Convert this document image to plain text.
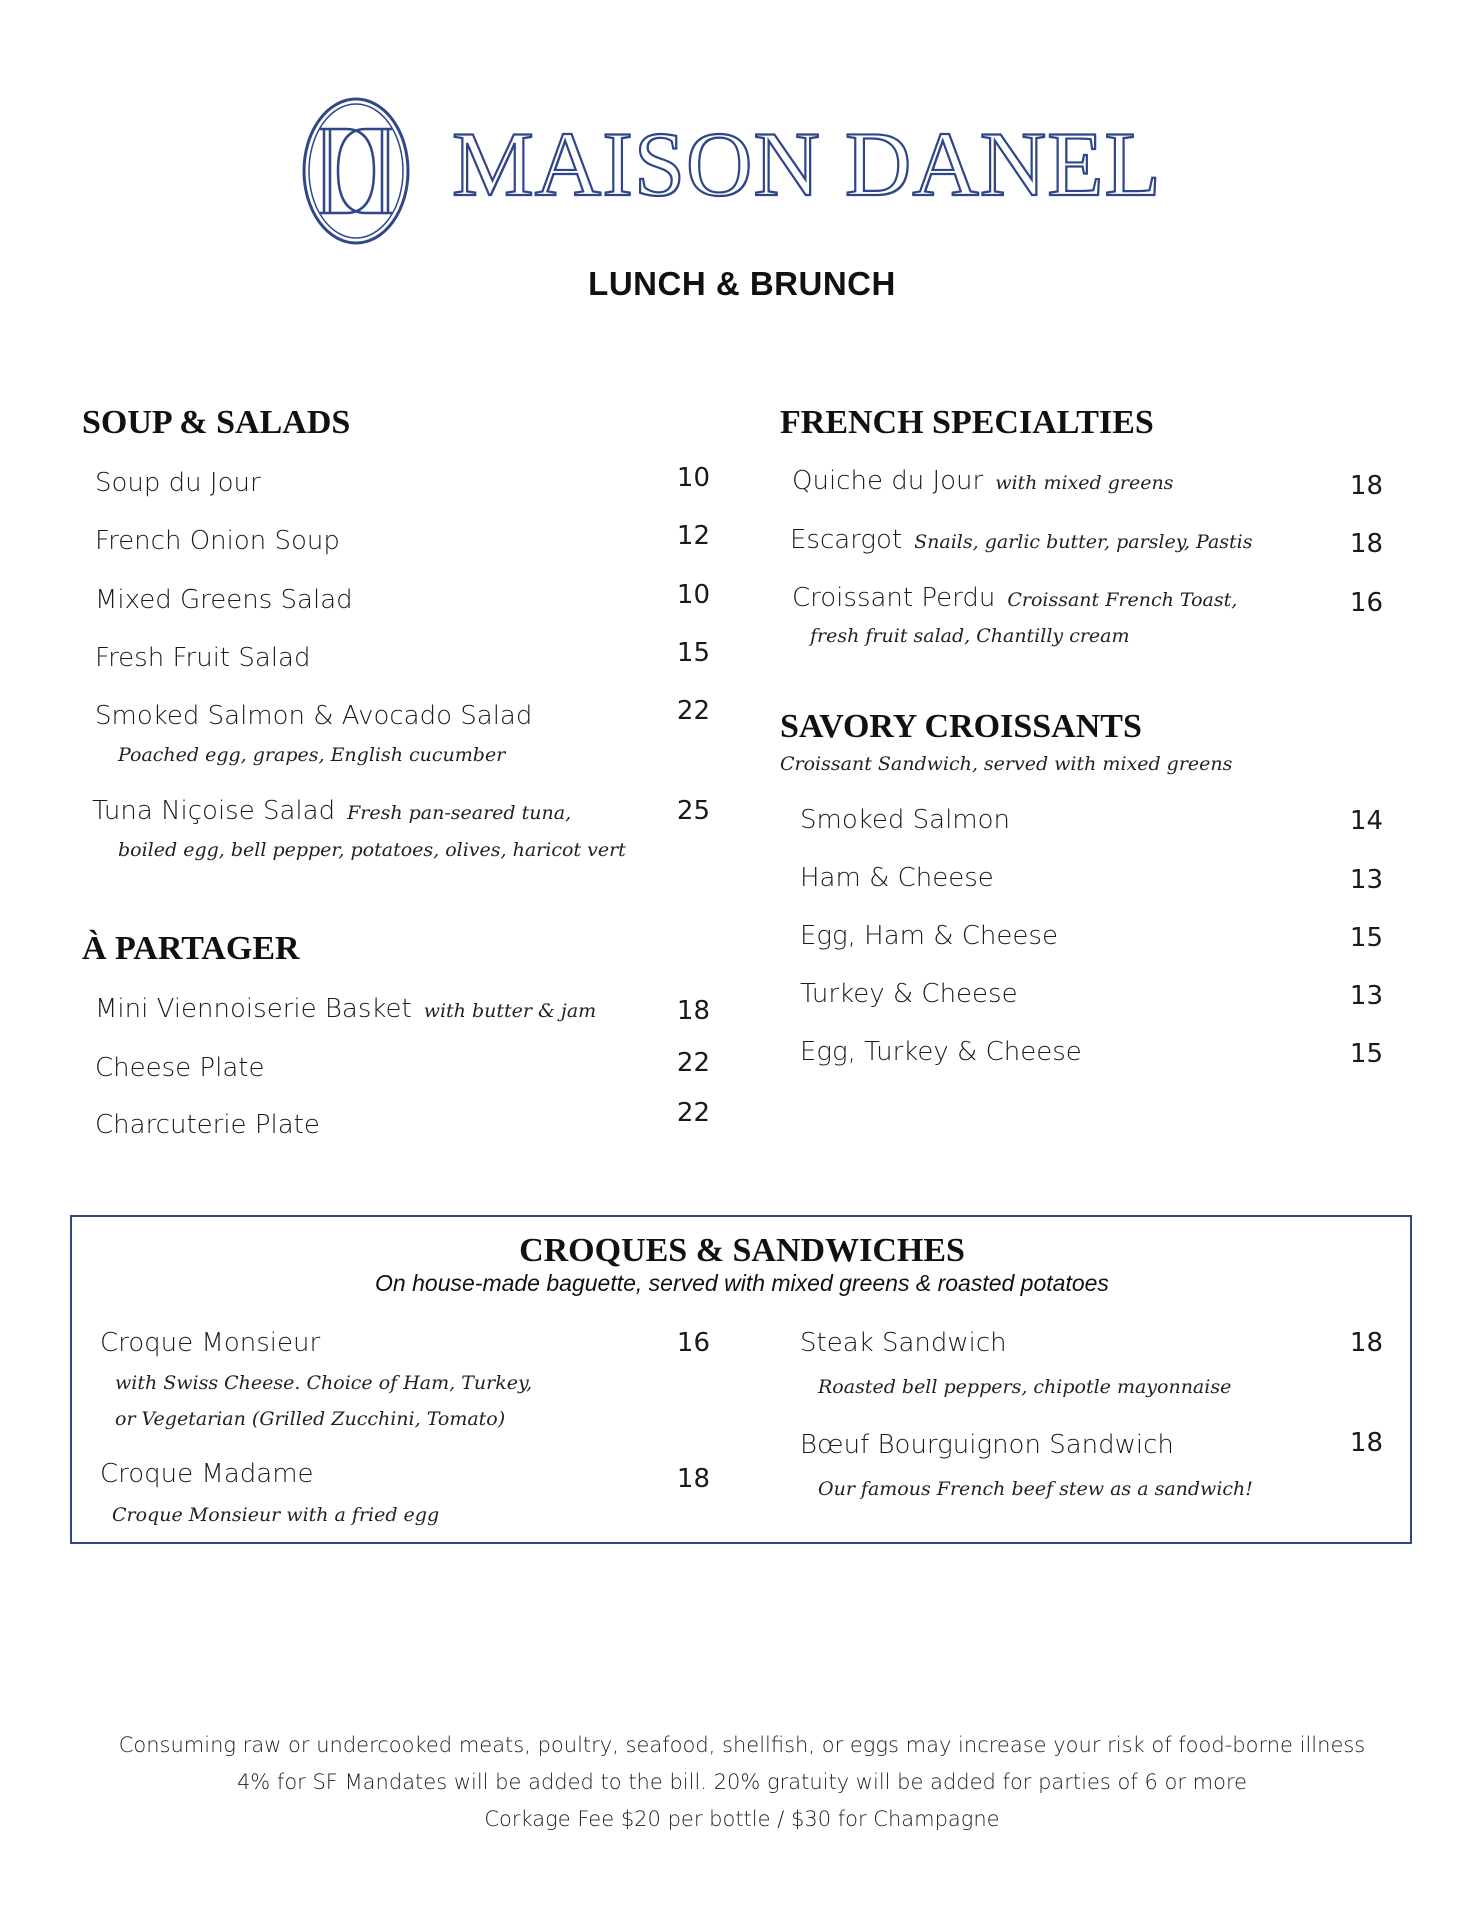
MAISON DANEL
LUNCH & BRUNCH
SOUP & SALADS
Soup du Jour	10
French Onion Soup	12
Mixed Greens Salad	10
Fresh Fruit Salad	15
Smoked Salmon & Avocado Salad	22
Poached egg, grapes, English cucumber
Tuna Niçoise Salad Fresh pan-seared tuna,	25
boiled egg, bell pepper, potatoes, olives, haricot vert
À PARTAGER
Mini Viennoiserie Basket with butter & jam	18
Cheese Plate	22
Charcuterie Plate	22
FRENCH SPECIALTIES
Quiche du Jour with mixed greens	18
Escargot Snails, garlic butter, parsley, Pastis	18
Croissant Perdu Croissant French Toast,	16
fresh fruit salad, Chantilly cream
SAVORY CROISSANTS
Croissant Sandwich, served with mixed greens
Smoked Salmon	14
Ham & Cheese	13
Egg, Ham & Cheese	15
Turkey & Cheese	13
Egg, Turkey & Cheese	15
CROQUES & SANDWICHES
On house-made baguette, served with mixed greens & roasted potatoes
Croque Monsieur	16
with Swiss Cheese. Choice of Ham, Turkey,
or Vegetarian (Grilled Zucchini, Tomato)
Croque Madame	18
Croque Monsieur with a fried egg
Steak Sandwich	18
Roasted bell peppers, chipotle mayonnaise
Bœuf Bourguignon Sandwich	18
Our famous French beef stew as a sandwich!
Consuming raw or undercooked meats, poultry, seafood, shellfish, or eggs may increase your risk of food-borne illness
4% for SF Mandates will be added to the bill. 20% gratuity will be added for parties of 6 or more
Corkage Fee $20 per bottle / $30 for Champagne
